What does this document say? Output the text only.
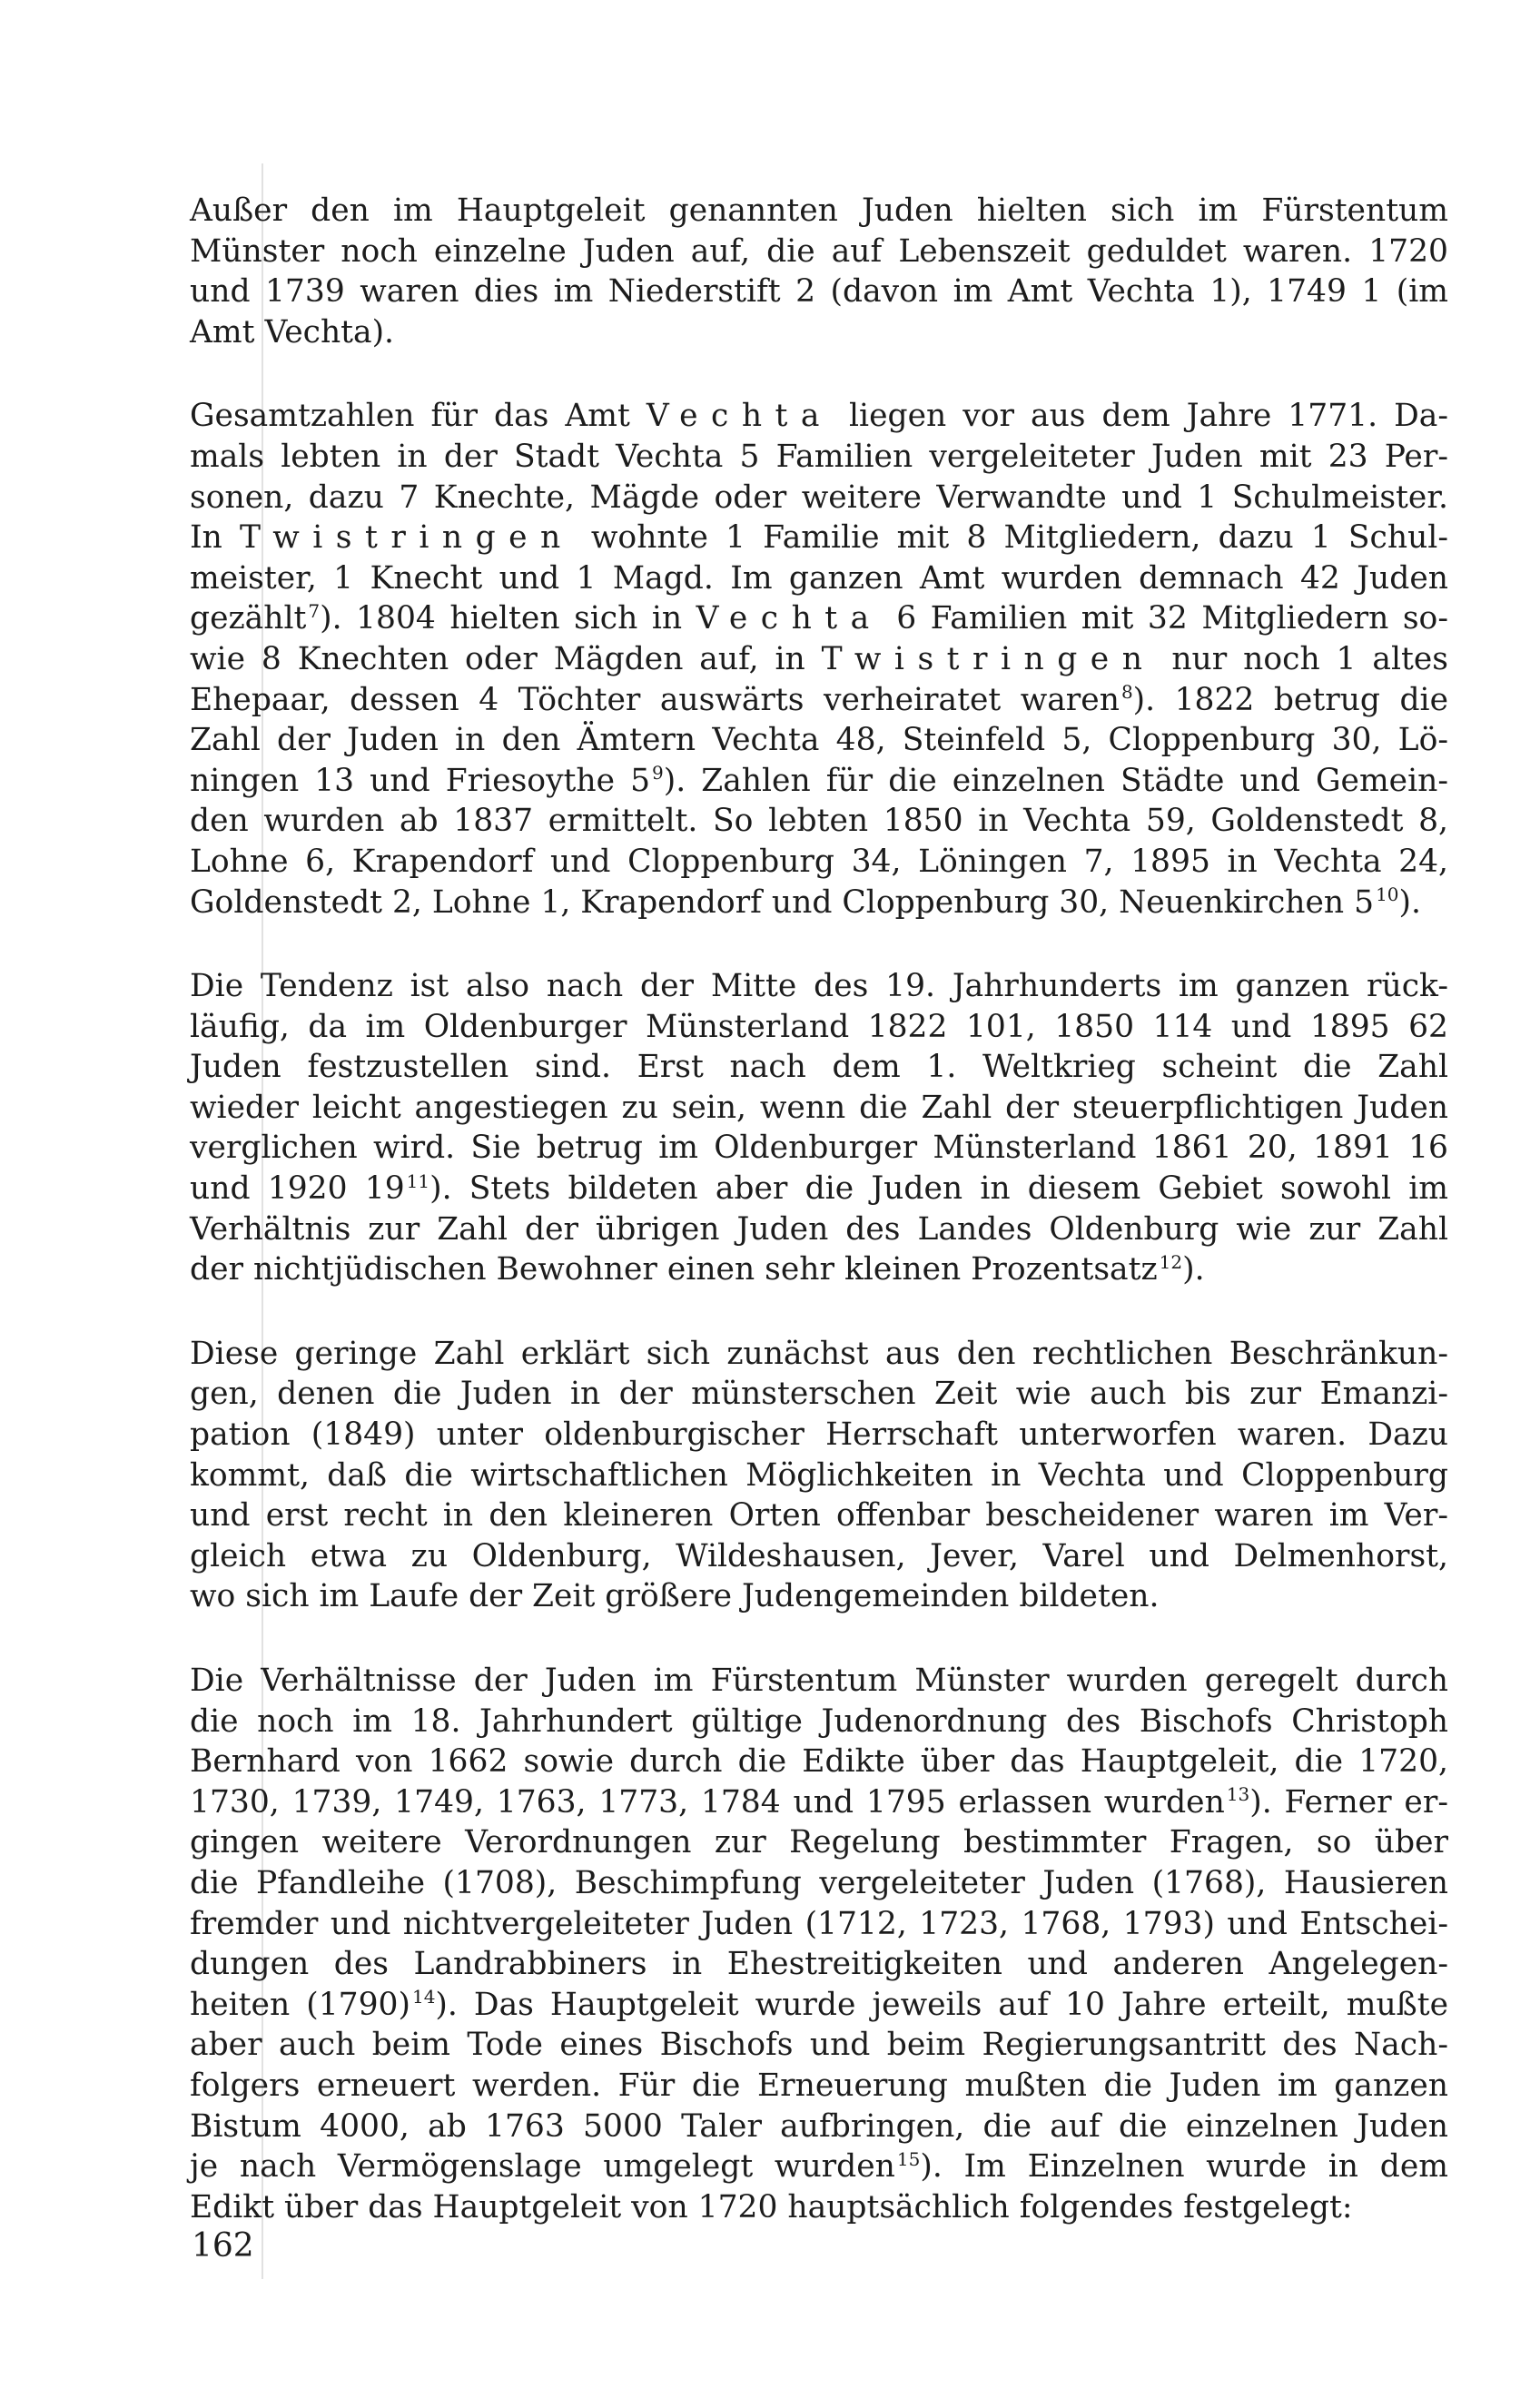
Außer den im Hauptgeleit genannten Juden hielten sich im Fürstentum
Münster noch einzelne Juden auf, die auf Lebenszeit geduldet waren. 1720
und 1739 waren dies im Niederstift 2 (davon im Amt Vechta 1), 1749 1 (im
Amt Vechta).

Gesamtzahlen für das Amt Vechta liegen vor aus dem Jahre 1771. Da-
mals lebten in der Stadt Vechta 5 Familien vergeleiteter Juden mit 23 Per-
sonen, dazu 7 Knechte, Mägde oder weitere Verwandte und 1 Schulmeister.
In Twistringen wohnte 1 Familie mit 8 Mitgliedern, dazu 1 Schul-
meister, 1 Knecht und 1 Magd. Im ganzen Amt wurden demnach 42 Juden
gezählt$^7$). 1804 hielten sich in Vechta 6 Familien mit 32 Mitgliedern so-
wie 8 Knechten oder Mägden auf, in Twistringen nur noch 1 altes
Ehepaar, dessen 4 Töchter auswärts verheiratet waren$^8$). 1822 betrug die
Zahl der Juden in den Ämtern Vechta 48, Steinfeld 5, Cloppenburg 30, Lö-
ningen 13 und Friesoythe 5$^9$). Zahlen für die einzelnen Städte und Gemein-
den wurden ab 1837 ermittelt. So lebten 1850 in Vechta 59, Goldenstedt 8,
Lohne 6, Krapendorf und Cloppenburg 34, Löningen 7, 1895 in Vechta 24,
Goldenstedt 2, Lohne 1, Krapendorf und Cloppenburg 30, Neuenkirchen 5$^{10}$).

Die Tendenz ist also nach der Mitte des 19. Jahrhunderts im ganzen rück-
läufig, da im Oldenburger Münsterland 1822 101, 1850 114 und 1895 62
Juden festzustellen sind. Erst nach dem 1. Weltkrieg scheint die Zahl
wieder leicht angestiegen zu sein, wenn die Zahl der steuerpflichtigen Juden
verglichen wird. Sie betrug im Oldenburger Münsterland 1861 20, 1891 16
und 1920 19$^{11}$). Stets bildeten aber die Juden in diesem Gebiet sowohl im
Verhältnis zur Zahl der übrigen Juden des Landes Oldenburg wie zur Zahl
der nichtjüdischen Bewohner einen sehr kleinen Prozentsatz$^{12}$).

Diese geringe Zahl erklärt sich zunächst aus den rechtlichen Beschränkun-
gen, denen die Juden in der münsterschen Zeit wie auch bis zur Emanzi-
pation (1849) unter oldenburgischer Herrschaft unterworfen waren. Dazu
kommt, daß die wirtschaftlichen Möglichkeiten in Vechta und Cloppenburg
und erst recht in den kleineren Orten offenbar bescheidener waren im Ver-
gleich etwa zu Oldenburg, Wildeshausen, Jever, Varel und Delmenhorst,
wo sich im Laufe der Zeit größere Judengemeinden bildeten.

Die Verhältnisse der Juden im Fürstentum Münster wurden geregelt durch
die noch im 18. Jahrhundert gültige Judenordnung des Bischofs Christoph
Bernhard von 1662 sowie durch die Edikte über das Hauptgeleit, die 1720,
1730, 1739, 1749, 1763, 1773, 1784 und 1795 erlassen wurden$^{13}$). Ferner er-
gingen weitere Verordnungen zur Regelung bestimmter Fragen, so über
die Pfandleihe (1708), Beschimpfung vergeleiteter Juden (1768), Hausieren
fremder und nichtvergeleiteter Juden (1712, 1723, 1768, 1793) und Entschei-
dungen des Landrabbiners in Ehestreitigkeiten und anderen Angelegen-
heiten (1790)$^{14}$). Das Hauptgeleit wurde jeweils auf 10 Jahre erteilt, mußte
aber auch beim Tode eines Bischofs und beim Regierungsantritt des Nach-
folgers erneuert werden. Für die Erneuerung mußten die Juden im ganzen
Bistum 4000, ab 1763 5000 Taler aufbringen, die auf die einzelnen Juden
je nach Vermögenslage umgelegt wurden$^{15}$). Im Einzelnen wurde in dem
Edikt über das Hauptgeleit von 1720 hauptsächlich folgendes festgelegt:

162
